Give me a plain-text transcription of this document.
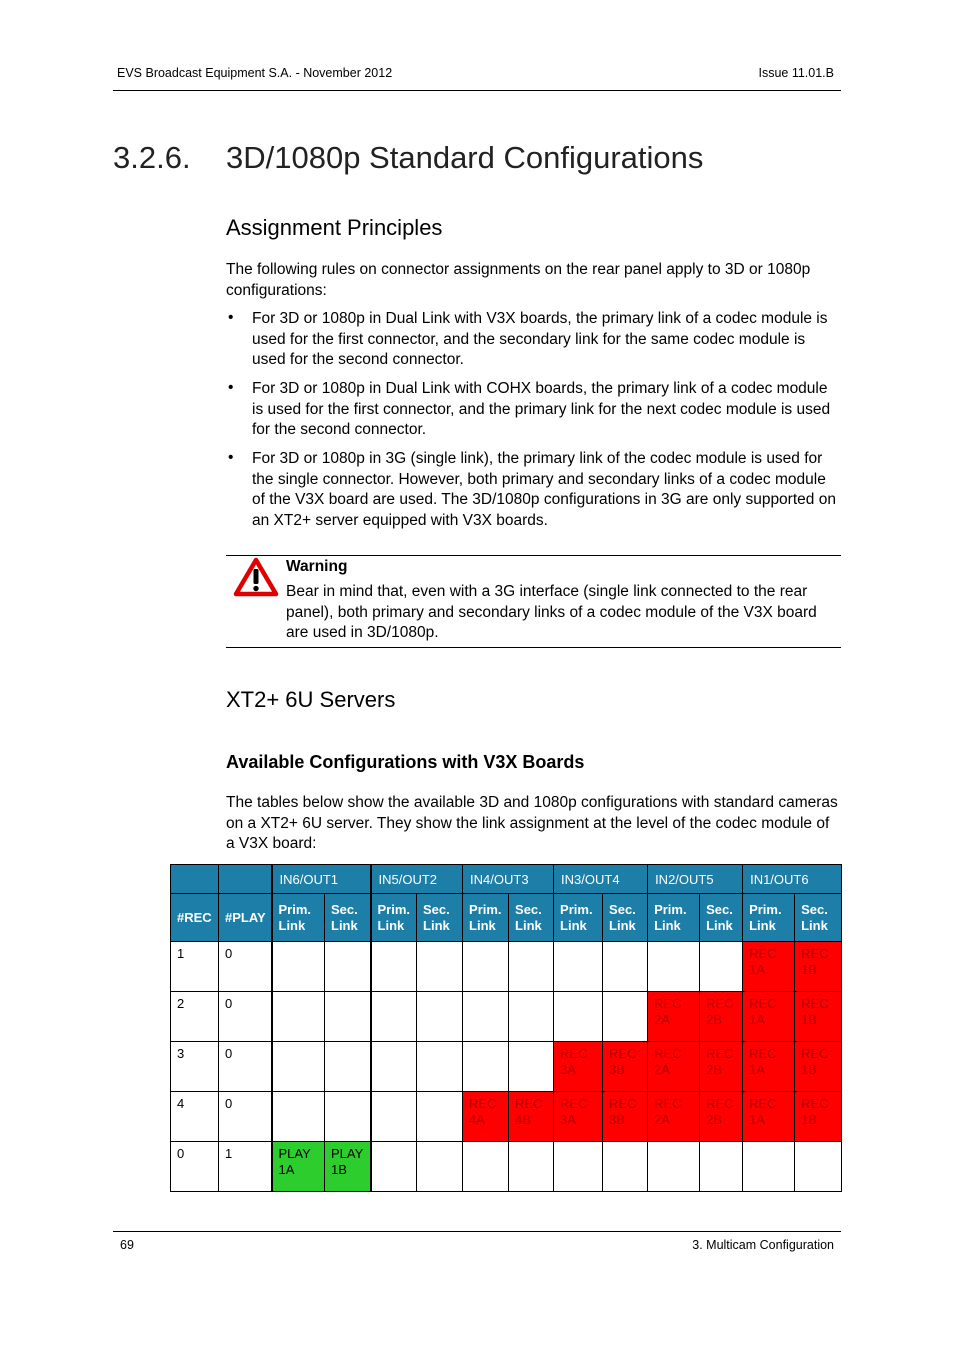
EVS Broadcast Equipment S.A. - November 2012	Issue 11.01.B
3.2.6. 3D/1080p Standard Configurations
Assignment Principles
The following rules on connector assignments on the rear panel apply to 3D or 1080p configurations:
• For 3D or 1080p in Dual Link with V3X boards, the primary link of a codec module is used for the first connector, and the secondary link for the same codec module is used for the second connector.
• For 3D or 1080p in Dual Link with COHX boards, the primary link of a codec module is used for the first connector, and the primary link for the next codec module is used for the second connector.
• For 3D or 1080p in 3G (single link), the primary link of the codec module is used for the single connector. However, both primary and secondary links of a codec module of the V3X board are used. The 3D/1080p configurations in 3G are only supported on an XT2+ server equipped with V3X boards.
Warning
Bear in mind that, even with a 3G interface (single link connected to the rear panel), both primary and secondary links of a codec module of the V3X board are used in 3D/1080p.
XT2+ 6U Servers
Available Configurations with V3X Boards
The tables below show the available 3D and 1080p configurations with standard cameras on a XT2+ 6U server. They show the link assignment at the level of the codec module of a V3X board:
		IN6/OUT1		IN5/OUT2		IN4/OUT3		IN3/OUT4		IN2/OUT5		IN1/OUT6	
#REC	#PLAY	Prim. Link	Sec. Link	Prim. Link	Sec. Link	Prim. Link	Sec. Link	Prim. Link	Sec. Link	Prim. Link	Sec. Link	Prim. Link	Sec. Link
1	0											REC 1A	REC 1B
2	0									REC 2A	REC 2B	REC 1A	REC 1B
3	0							REC 3A	REC 3B	REC 2A	REC 2B	REC 1A	REC 1B
4	0					REC 4A	REC 4B	REC 3A	REC 3B	REC 2A	REC 2B	REC 1A	REC 1B
0	1	PLAY 1A	PLAY 1B										
69	3. Multicam Configuration
